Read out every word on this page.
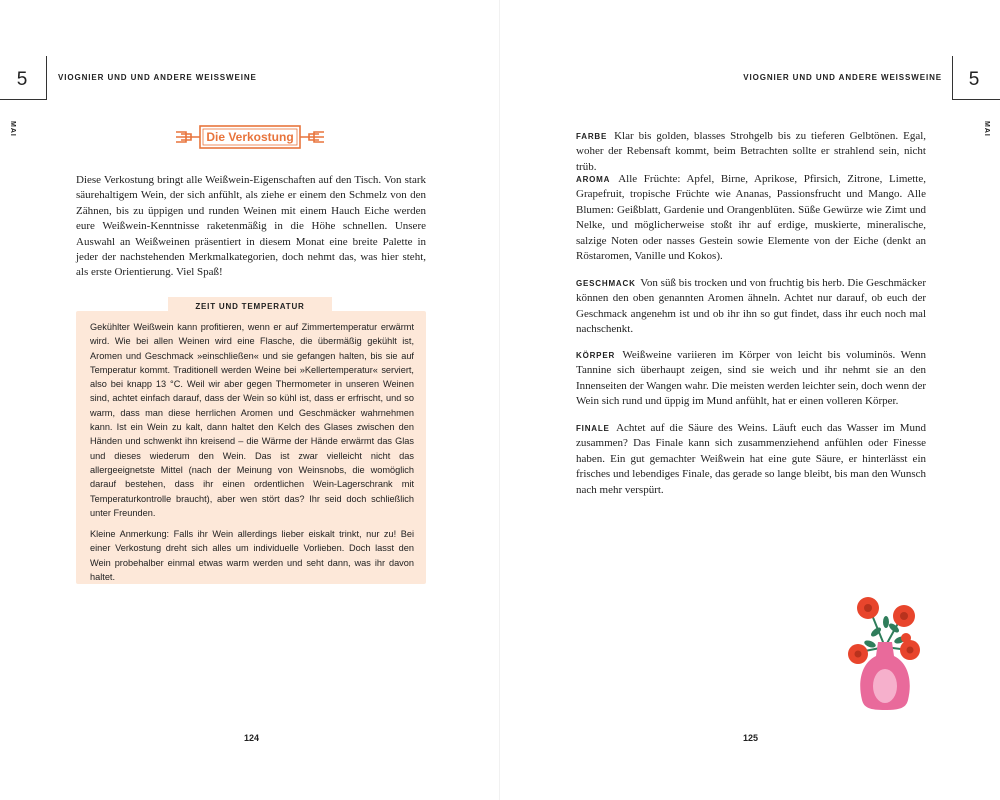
5	VIOGNIER UND UND ANDERE WEISSWEINE
MAI
Die Verkostung
Diese Verkostung bringt alle Weißwein-Eigenschaften auf den Tisch. Von stark säurehaltigem Wein, der sich anfühlt, als ziehe er einem den Schmelz von den Zähnen, bis zu üppigen und runden Weinen mit einem Hauch Eiche werden eure Weißwein-Kenntnisse raketenmäßig in die Höhe schnellen. Unsere Auswahl an Weißweinen präsentiert in diesem Monat eine breite Palette in jeder der nachstehenden Merkmalkategorien, doch nehmt das, was hier steht, als erste Orientierung. Viel Spaß!
ZEIT UND TEMPERATUR

Gekühlter Weißwein kann profitieren, wenn er auf Zimmertemperatur erwärmt wird. Wie bei allen Weinen wird eine Flasche, die übermäßig gekühlt ist, Aromen und Geschmack »einschließen« und sie gefangen halten, bis sie auf Temperatur kommt. Traditionell werden Weine bei »Kellertemperatur« serviert, also bei knapp 13 °C. Weil wir aber gegen Thermometer in unseren Weinen sind, achtet einfach darauf, dass der Wein so kühl ist, dass er erfrischt, und so warm, dass man diese herrlichen Aromen und Geschmäcker wahrnehmen kann. Ist ein Wein zu kalt, dann haltet den Kelch des Glases zwischen den Händen und schwenkt ihn kreisend – die Wärme der Hände erwärmt das Glas und dieses wiederum den Wein. Das ist zwar vielleicht nicht das allergeeignetste Mittel (nach der Meinung von Weinsnobs, die womöglich darauf bestehen, dass ihr einen ordentlichen Wein-Lagerschrank mit Temperaturkontrolle braucht), aber wen stört das? Ihr seid doch schließlich unter Freunden.

Kleine Anmerkung: Falls ihr Wein allerdings lieber eiskalt trinkt, nur zu! Bei einer Verkostung dreht sich alles um individuelle Vorlieben. Doch lasst den Wein probehalber einmal etwas warm werden und seht dann, was ihr davon haltet.

124
5
VIOGNIER UND UND ANDERE WEISSWEINE
MAI
FARBE Klar bis golden, blasses Strohgelb bis zu tieferen Gelbtönen. Egal, woher der Rebensaft kommt, beim Betrachten sollte er strahlend sein, nicht trüb.
AROMA Alle Früchte: Apfel, Birne, Aprikose, Pfirsich, Zitrone, Limette, Grapefruit, tropische Früchte wie Ananas, Passionsfrucht und Mango. Alle Blumen: Geißblatt, Gardenie und Orangenblüten. Süße Gewürze wie Zimt und Nelke, und möglicherweise stoßt ihr auf erdige, muskierte, mineralische, salzige Noten oder nasses Gestein sowie Elemente von der Eiche (denkt an Röstaromen, Vanille und Kokos).
GESCHMACK Von süß bis trocken und von fruchtig bis herb. Die Geschmäcker können den oben genannten Aromen ähneln. Achtet nur darauf, ob euch der Geschmack angenehm ist und ob ihr ihn so gut findet, dass ihr euch noch mal nachschenkt.
KÖRPER Weißweine variieren im Körper von leicht bis voluminös. Wenn Tannine sich überhaupt zeigen, sind sie weich und ihr nehmt sie an den Innenseiten der Wangen wahr. Die meisten werden leichter sein, doch wenn der Wein sich rund und üppig im Mund anfühlt, hat er einen volleren Körper.
FINALE Achtet auf die Säure des Weins. Läuft euch das Wasser im Mund zusammen? Das Finale kann sich zusammenziehend anfühlen oder Finesse haben. Ein gut gemachter Weißwein hat eine gute Säure, er hinterlässt ein frisches und lebendiges Finale, das gerade so lange bleibt, bis man den Wunsch nach mehr verspürt.
125
